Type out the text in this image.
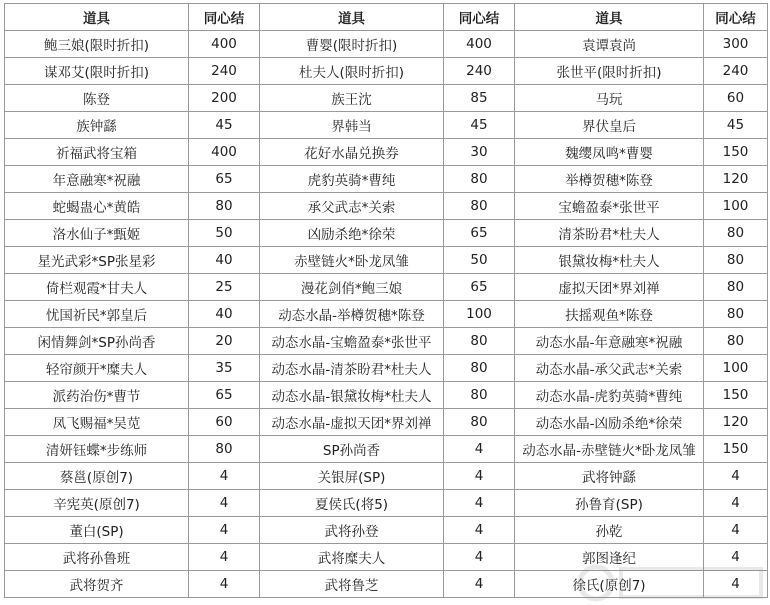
道具	同心结	道具	同心结	道具	同心结
鲍三娘(限时折扣)	400	曹婴(限时折扣)	400	袁谭袁尚	300
谋邓艾(限时折扣)	240	杜夫人(限时折扣)	240	张世平(限时折扣)	240
陈登	200	族王沈	85	马玩	60
族钟繇	45	界韩当	45	界伏皇后	45
祈福武将宝箱	400	花好水晶兑换券	30	魏缨凤鸣*曹婴	150
年意融寒*祝融	65	虎豹英骑*曹纯	80	举樽贺穗*陈登	120
蛇蝎蛊心*黄皓	80	承父武志*关索	80	宝蟾盈泰*张世平	100
洛水仙子*甄姬	50	凶励杀绝*徐荣	65	清茶盼君*杜夫人	80
星光武彩*SP张星彩	40	赤壁链火*卧龙凤雏	50	银黛妆梅*杜夫人	80
倚栏观霞*甘夫人	25	漫花剑俏*鲍三娘	65	虚拟天团*界刘禅	80
忧国祈民*郭皇后	40	动态水晶-举樽贺穗*陈登	100	扶摇观鱼*陈登	80
闲情舞剑*SP孙尚香	20	动态水晶-宝蟾盈泰*张世平	80	动态水晶-年意融寒*祝融	80
轻帘颜开*糜夫人	35	动态水晶-清茶盼君*杜夫人	80	动态水晶-承父武志*关索	100
派药治伤*曹节	65	动态水晶-银黛妆梅*杜夫人	80	动态水晶-虎豹英骑*曹纯	150
凤飞赐福*吴苋	60	动态水晶-虚拟天团*界刘禅	80	动态水晶-凶励杀绝*徐荣	120
清妍钰蝶*步练师	80	SP孙尚香	4	动态水晶-赤壁链火*卧龙凤雏	150
蔡邕(原创7)	4	关银屏(SP)	4	武将钟繇	4
辛宪英(原创7)	4	夏侯氏(将5)	4	孙鲁育(SP)	4
董白(SP)	4	武将孙登	4	孙乾	4
武将孙鲁班	4	武将糜夫人	4	郭图逢纪	4
武将贺齐	4	武将鲁芝	4	徐氏(原创7)	4
